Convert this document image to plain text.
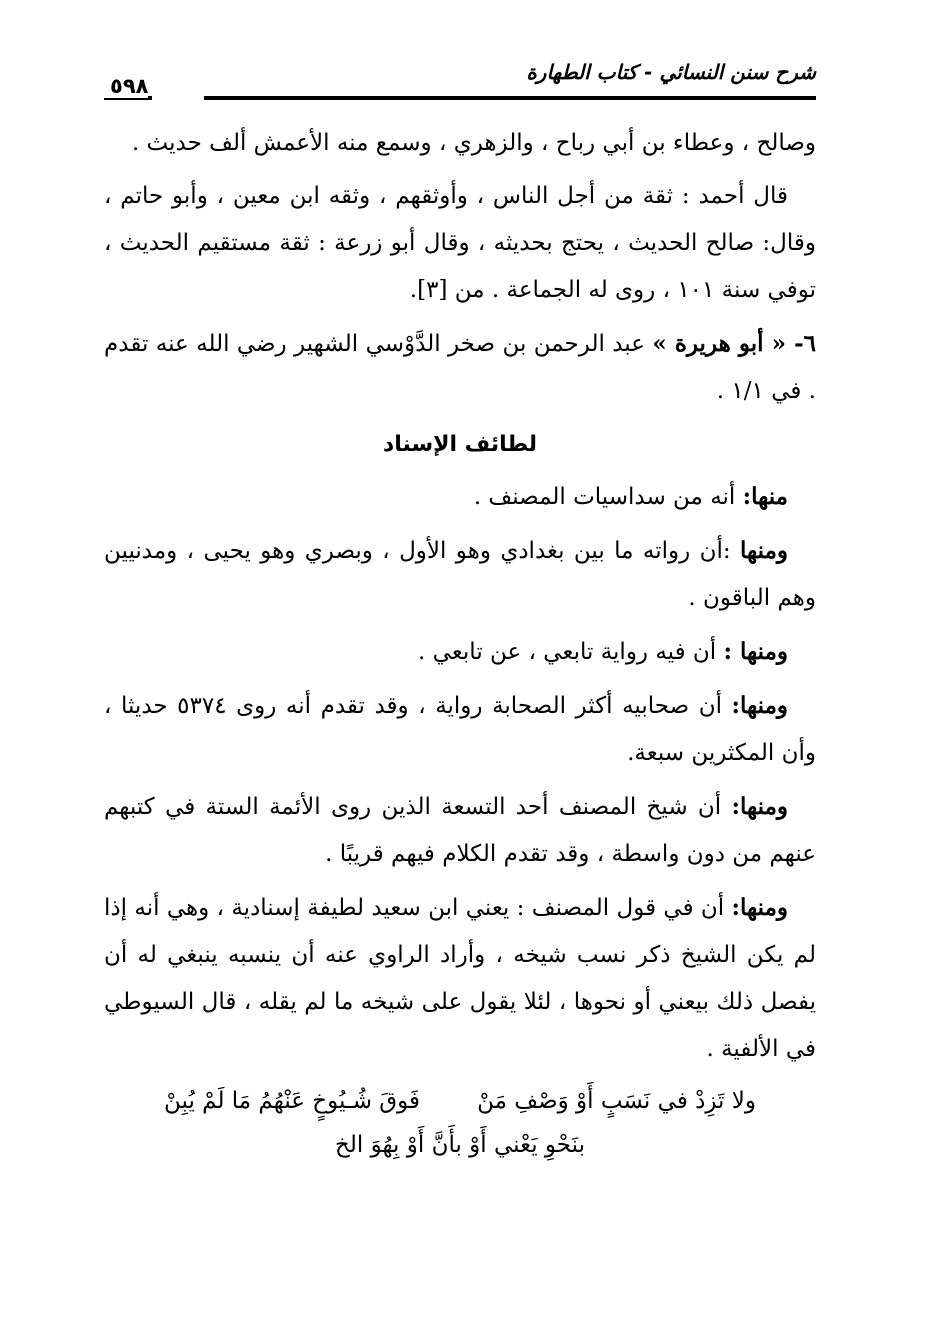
شرح سنن النسائي - كتاب الطهارة
٥٩٨

وصالح ، وعطاء بن أبي رباح ، والزهري ، وسمع منه الأعمش ألف حديث .

قال أحمد : ثقة من أجل الناس ، وأوثقهم ، وثقه ابن معين ، وأبو حاتم ، وقال: صالح الحديث ، يحتج بحديثه ، وقال أبو زرعة : ثقة مستقيم الحديث ، توفي سنة ١٠١ ، روى له الجماعة . من [٣].

٦- « أبو هريرة » عبد الرحمن بن صخر الدَّوْسي الشهير رضي الله عنه تقدم . في ١/١ .

لطائف الإسناد

منها: أنه من سداسيات المصنف .

ومنها :أن رواته ما بين بغدادي وهو الأول ، وبصري وهو يحيى ، ومدنيين وهم الباقون .

ومنها : أن فيه رواية تابعي ، عن تابعي .

ومنها: أن صحابيه أكثر الصحابة رواية ، وقد تقدم أنه روى ٥٣٧٤ حديثا ، وأن المكثرين سبعة.

ومنها: أن شيخ المصنف أحد التسعة الذين روى الأئمة الستة في كتبهم عنهم من دون واسطة ، وقد تقدم الكلام فيهم قريبًا .

ومنها: أن في قول المصنف : يعني ابن سعيد لطيفة إسنادية ، وهي أنه إذا لم يكن الشيخ ذكر نسب شيخه ، وأراد الراوي عنه أن ينسبه ينبغي له أن يفصل ذلك بيعني أو نحوها ، لئلا يقول على شيخه ما لم يقله ، قال السيوطي في الألفية .

ولا تَزِدْ في نَسَبٍ أَوْ وَصْفِ مَنْ
فَوقَ شُـيُوخٍ عَنْهُمُ مَا لَمْ يُبِنْ
بنَحْوِ يَعْني أَوْ بأَنَّ أَوْ بِهُوَ الخ
